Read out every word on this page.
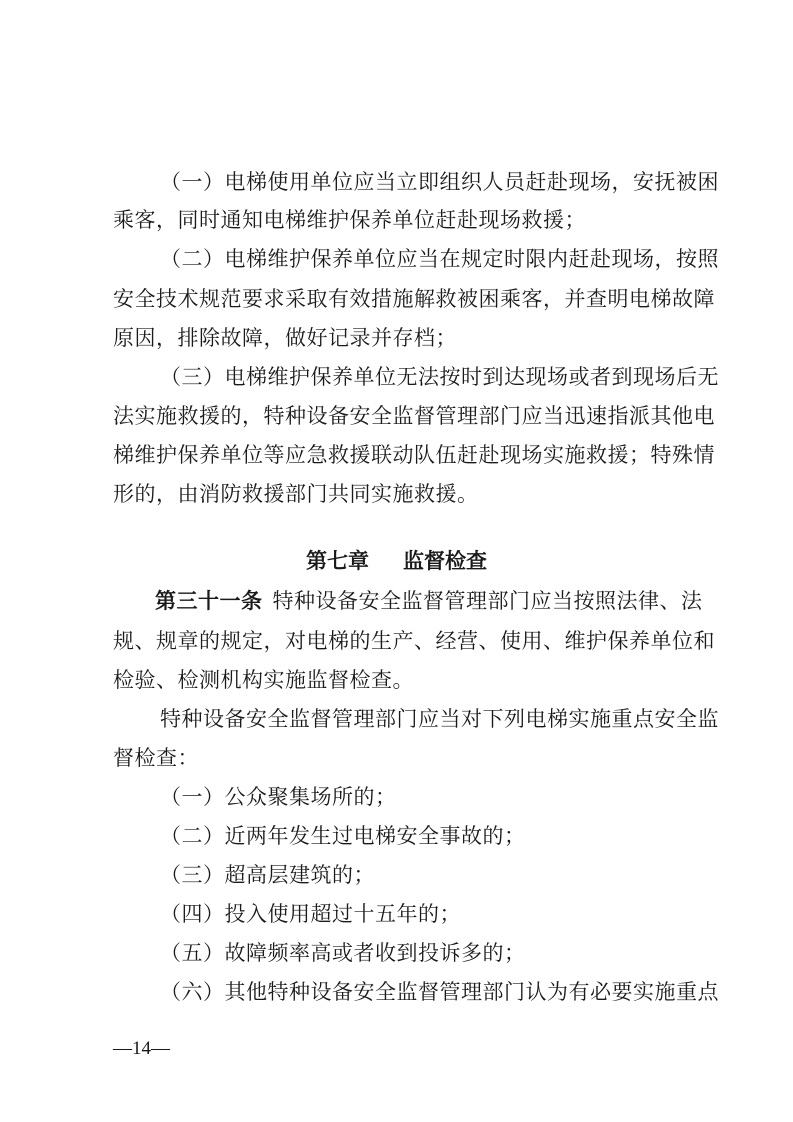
（一）电梯使用单位应当立即组织人员赶赴现场，安抚被困
乘客，同时通知电梯维护保养单位赶赴现场救援；
（二）电梯维护保养单位应当在规定时限内赶赴现场，按照
安全技术规范要求采取有效措施解救被困乘客，并查明电梯故障
原因，排除故障，做好记录并存档；
（三）电梯维护保养单位无法按时到达现场或者到现场后无
法实施救援的，特种设备安全监督管理部门应当迅速指派其他电
梯维护保养单位等应急救援联动队伍赶赴现场实施救援；特殊情
形的，由消防救援部门共同实施救援。
第七章 监督检查
第三十一条 特种设备安全监督管理部门应当按照法律、法
规、规章的规定，对电梯的生产、经营、使用、维护保养单位和
检验、检测机构实施监督检查。
特种设备安全监督管理部门应当对下列电梯实施重点安全监
督检查：
（一）公众聚集场所的；
（二）近两年发生过电梯安全事故的；
（三）超高层建筑的；
（四）投入使用超过十五年的；
（五）故障频率高或者收到投诉多的；
（六）其他特种设备安全监督管理部门认为有必要实施重点
—14—
